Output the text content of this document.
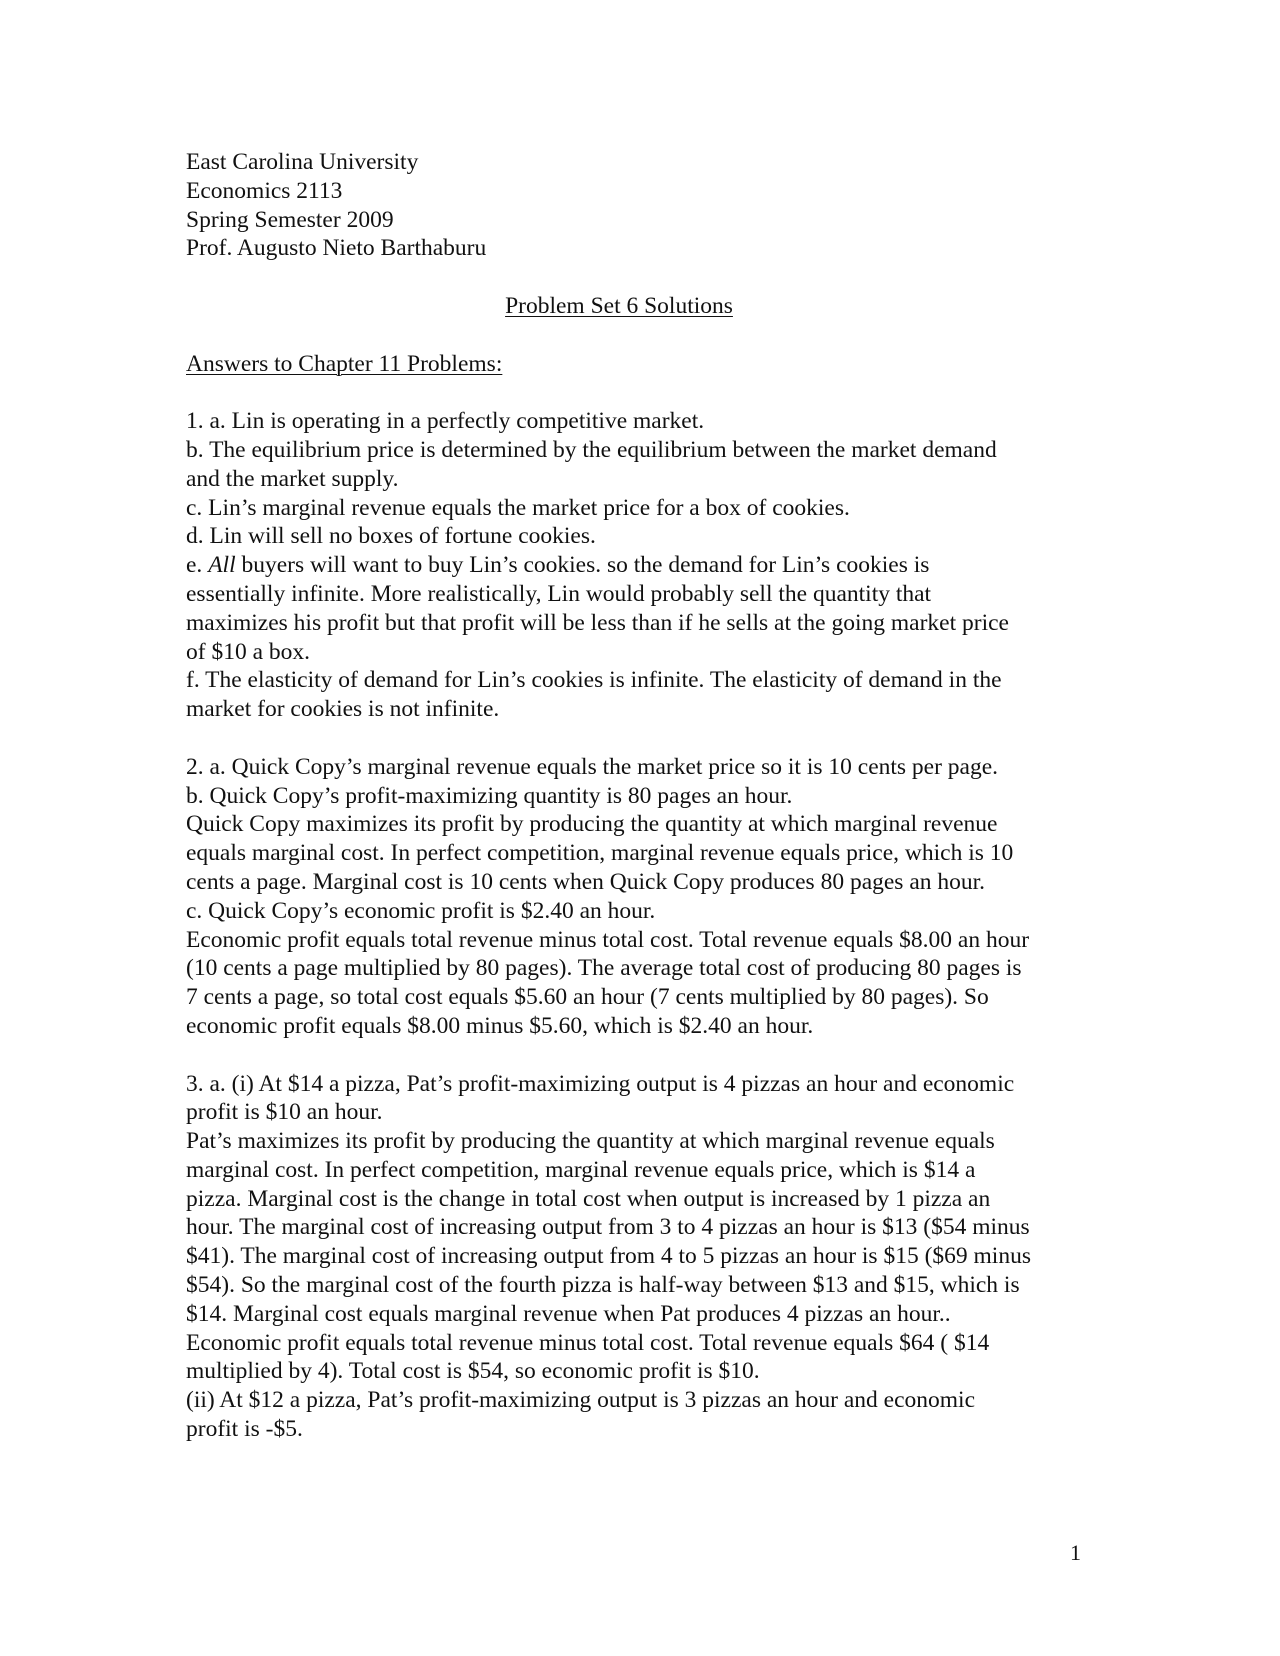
East Carolina University
Economics 2113
Spring Semester 2009
Prof. Augusto Nieto Barthaburu
Problem Set 6 Solutions
Answers to Chapter 11 Problems:
1. a. Lin is operating in a perfectly competitive market.
b. The equilibrium price is determined by the equilibrium between the market demand
and the market supply.
c. Lin’s marginal revenue equals the market price for a box of cookies.
d. Lin will sell no boxes of fortune cookies.
e. All buyers will want to buy Lin’s cookies. so the demand for Lin’s cookies is
essentially infinite. More realistically, Lin would probably sell the quantity that
maximizes his profit but that profit will be less than if he sells at the going market price
of $10 a box.
f. The elasticity of demand for Lin’s cookies is infinite. The elasticity of demand in the
market for cookies is not infinite.
2. a. Quick Copy’s marginal revenue equals the market price so it is 10 cents per page.
b. Quick Copy’s profit-maximizing quantity is 80 pages an hour.
Quick Copy maximizes its profit by producing the quantity at which marginal revenue
equals marginal cost. In perfect competition, marginal revenue equals price, which is 10
cents a page. Marginal cost is 10 cents when Quick Copy produces 80 pages an hour.
c. Quick Copy’s economic profit is $2.40 an hour.
Economic profit equals total revenue minus total cost. Total revenue equals $8.00 an hour
(10 cents a page multiplied by 80 pages). The average total cost of producing 80 pages is
7 cents a page, so total cost equals $5.60 an hour (7 cents multiplied by 80 pages). So
economic profit equals $8.00 minus $5.60, which is $2.40 an hour.
3. a. (i) At $14 a pizza, Pat’s profit-maximizing output is 4 pizzas an hour and economic
profit is $10 an hour.
Pat’s maximizes its profit by producing the quantity at which marginal revenue equals
marginal cost. In perfect competition, marginal revenue equals price, which is $14 a
pizza. Marginal cost is the change in total cost when output is increased by 1 pizza an
hour. The marginal cost of increasing output from 3 to 4 pizzas an hour is $13 ($54 minus
$41). The marginal cost of increasing output from 4 to 5 pizzas an hour is $15 ($69 minus
$54). So the marginal cost of the fourth pizza is half-way between $13 and $15, which is
$14. Marginal cost equals marginal revenue when Pat produces 4 pizzas an hour..
Economic profit equals total revenue minus total cost. Total revenue equals $64 ( $14
multiplied by 4). Total cost is $54, so economic profit is $10.
(ii) At $12 a pizza, Pat’s profit-maximizing output is 3 pizzas an hour and economic
profit is -$5.
1
